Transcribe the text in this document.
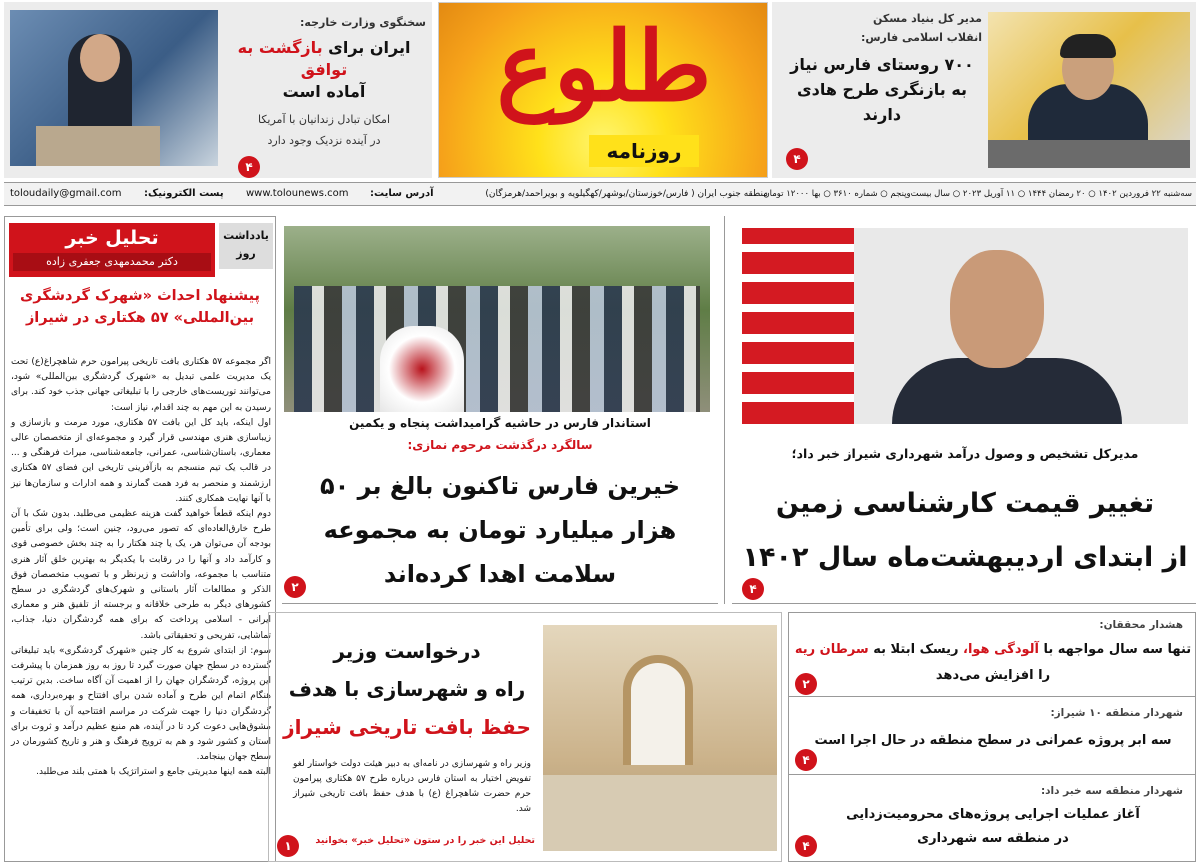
۴
سخنگوی وزارت خارجه:
ایران برای بازگشت به توافق
آماده است
امکان تبادل زندانیان با آمریکا
در آینده نزدیک وجود دارد
طلوع
روزنامه
مدیر کل بنیاد مسکن
انقلاب اسلامی فارس:
۷۰۰ روستای فارس نیاز به بازنگری طرح هادی دارند
۴
toloudaily@gmail.com پست الکترونیک: www.tolounews.com آدرس سایت:	منطقه جنوب ایران ( فارس/خوزستان/بوشهر/کهگیلویه و بویراحمد/هرمزگان)
سه‌شنبه ۲۲ فروردین ۱۴۰۲ ○ ۲۰ رمضان ۱۴۴۴ ○ ۱۱ آوریل ۲۰۲۳ ○ سال بیست‌وپنجم ○ شماره ۳۶۱۰ ○ بها ۱۲۰۰۰ تومان
یادداشت
روز
تحلیل خبر
دکتر محمدمهدی جعفری زاده
پیشنهاد احداث «شهرک گردشگری بین‌المللی» ۵۷ هکتاری در شیراز

اگر مجموعه ۵۷ هکتاری بافت تاریخی پیرامون حرم شاهچراغ(ع) تحت یک مدیریت علمی تبدیل به «شهرک گردشگری بین‌المللی» شود، می‌توانند توریست‌های خارجی را با تبلیغاتی جهانی جذب خود کند. برای رسیدن به این مهم به چند اقدام، نیاز است:

اول اینکه، باید کل این بافت ۵۷ هکتاری، مورد مرمت و بازسازی و زیباسازی هنری مهندسی قرار گیرد و مجموعه‌ای از متخصصان عالی معماری، باستان‌شناسی، عمرانی، جامعه‌شناسی، میراث فرهنگی و ... در قالب یک تیم منسجم به بازآفرینی تاریخی این فضای ۵۷ هکتاری ارزشمند و منحصر به فرد همت گمارند و همه ادارات و سازمان‌ها نیز با آنها نهایت همکاری کنند.

دوم اینکه قطعاً خواهید گفت هزینه عظیمی می‌طلبد. بدون شک با آن طرح خارق‌العاده‌ای که تصور می‌رود، چنین است؛ ولی برای تأمین بودجه آن می‌توان هر، یک یا چند هکتار را به چند بخش خصوصی قوی و کارآمد داد و آنها را در رقابت با یکدیگر به بهترین خلق آثار هنری متناسب با مجموعه، واداشت و زیرنظر و با تصویب متخصصان فوق الذکر و مطالعات آثار باستانی و شهرک‌های گردشگری در سطح کشورهای دیگر به طرحی خلاقانه و برجسته از تلفیق هنر و معماری ایرانی - اسلامی پرداخت که برای همه گردشگران دنیا، جذاب، تماشایی، تفریحی و تحقیقاتی باشد.

سوم: از ابتدای شروع به کار چنین «شهرک گردشگری» باید تبلیغاتی گسترده در سطح جهان صورت گیرد تا روز به روز همزمان با پیشرفت این پروژه، گردشگران جهان را از اهمیت آن آگاه ساخت. بدین ترتیب هنگام اتمام این طرح و آماده شدن برای افتتاح و بهره‌برداری، همه گردشگران دنیا را جهت شرکت در مراسم افتتاحیه آن با تخفیفات و مشوق‌هایی دعوت کرد تا در آینده، هم منبع عظیم درآمد و ثروت برای استان و کشور شود و هم به ترویج فرهنگ و هنر و تاریخ کشورمان در سطح جهان بینجامد.

البته همه اینها مدیریتی جامع و استراتژیک با همتی بلند می‌طلبد.

استاندار فارس در حاشیه گرامیداشت پنجاه و یکمین
سالگرد درگذشت مرحوم نمازی:
خیرین فارس تاکنون بالغ بر ۵۰ هزار میلیارد تومان به مجموعه سلامت اهدا کرده‌اند
۲
مدیرکل تشخیص و وصول درآمد شهرداری شیراز خبر داد؛
تغییر قیمت کارشناسی زمین
از ابتدای اردیبهشت‌ماه سال ۱۴۰۲
۴
درخواست وزیر
راه و شهرسازی با هدف
حفظ بافت تاریخی شیراز
وزیر راه و شهرسازی در نامه‌ای به دبیر هیئت دولت خواستار لغو تفویض اختیار به استان فارس درباره طرح ۵۷ هکتاری پیرامون حرم حضرت شاهچراغ (ع) با هدف حفظ بافت تاریخی شیراز شد.
تحلیل این خبر را در ستون «تحلیل خبر» بخوانید
۱
هشدار محققان:
تنها سه سال مواجهه با آلودگی هوا، ریسک ابتلا به سرطان ریه
را افزایش می‌دهد
۲
شهردار منطقه ۱۰ شیراز:
سه ابر پروژه عمرانی در سطح منطقه در حال اجرا است
۴
شهردار منطقه سه خبر داد:
آغاز عملیات اجرایی پروژه‌های محرومیت‌زدایی
در منطقه سه شهرداری
۴
